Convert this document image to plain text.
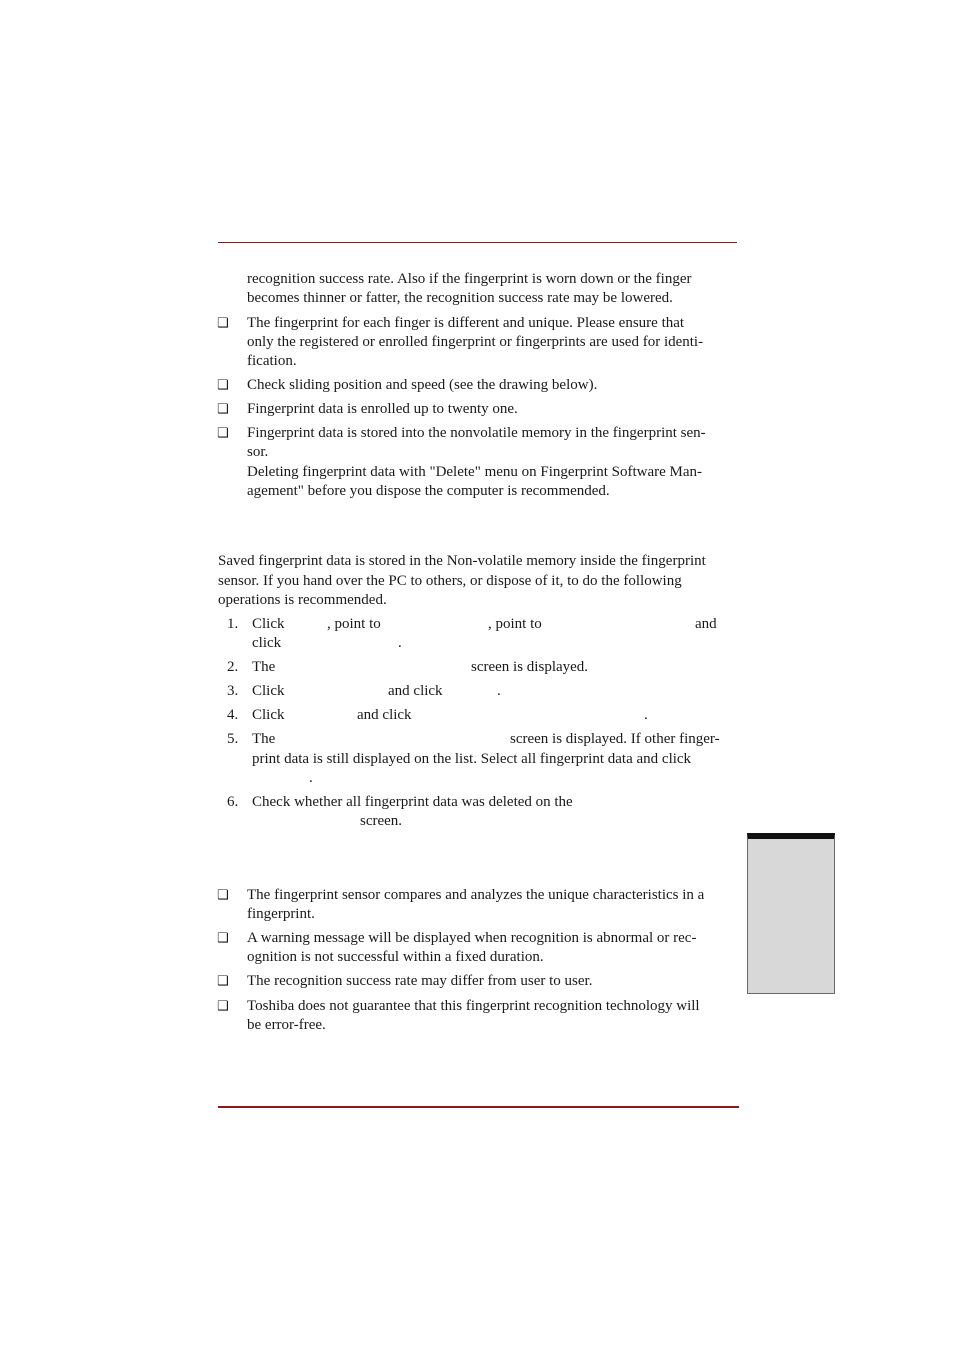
recognition success rate. Also if the fingerprint is worn down or the finger
becomes thinner or fatter, the recognition success rate may be lowered.
❑ The fingerprint for each finger is different and unique. Please ensure that
only the registered or enrolled fingerprint or fingerprints are used for identi-
fication.
❑ Check sliding position and speed (see the drawing below).
❑ Fingerprint data is enrolled up to twenty one.
❑ Fingerprint data is stored into the nonvolatile memory in the fingerprint sen-
sor.
Deleting fingerprint data with "Delete" menu on Fingerprint Software Man-
agement" before you dispose the computer is recommended.
Saved fingerprint data is stored in the Non-volatile memory inside the fingerprint
sensor. If you hand over the PC to others, or dispose of it, to do the following
operations is recommended.
1. Click	, point to	, point to	and
click	.
2. The	screen is displayed.
3. Click	and click	.
4. Click	and click	.
5. The	screen is displayed. If other finger-
print data is still displayed on the list. Select all fingerprint data and click
.
6. Check whether all fingerprint data was deleted on the
screen.
❑ The fingerprint sensor compares and analyzes the unique characteristics in a
fingerprint.
❑ A warning message will be displayed when recognition is abnormal or rec-
ognition is not successful within a fixed duration.
❑ The recognition success rate may differ from user to user.
❑ Toshiba does not guarantee that this fingerprint recognition technology will
be error-free.
